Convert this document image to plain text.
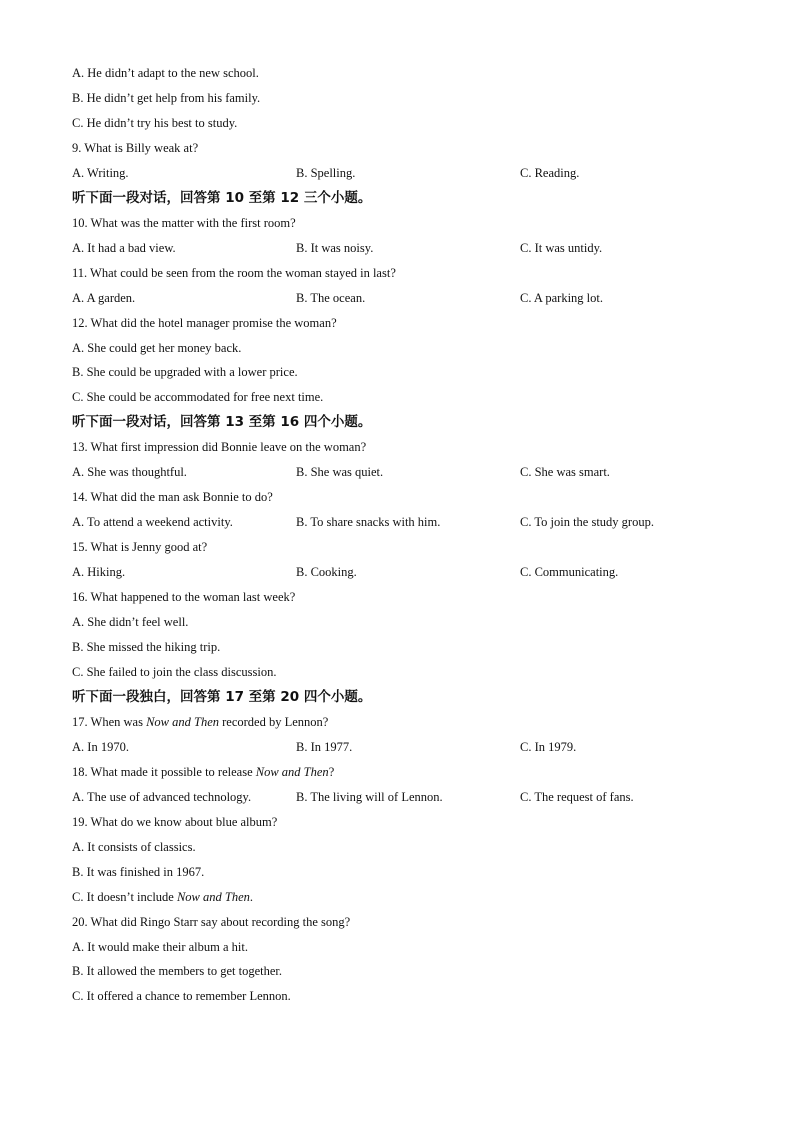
A. He didn’t adapt to the new school.
B. He didn’t get help from his family.
C. He didn’t try his best to study.
9. What is Billy weak at?
A. Writing.	B. Spelling.	C. Reading.
听下面一段对话，回答第 10 至第 12 三个小题。
10. What was the matter with the first room?
A. It had a bad view.	B. It was noisy.	C. It was untidy.
11. What could be seen from the room the woman stayed in last?
A. A garden.	B. The ocean.	C. A parking lot.
12. What did the hotel manager promise the woman?
A. She could get her money back.
B. She could be upgraded with a lower price.
C. She could be accommodated for free next time.
听下面一段对话，回答第 13 至第 16 四个小题。
13. What first impression did Bonnie leave on the woman?
A. She was thoughtful.	B. She was quiet.	C. She was smart.
14. What did the man ask Bonnie to do?
A. To attend a weekend activity.	B. To share snacks with him.	C. To join the study group.
15. What is Jenny good at?
A. Hiking.	B. Cooking.	C. Communicating.
16. What happened to the woman last week?
A. She didn’t feel well.
B. She missed the hiking trip.
C. She failed to join the class discussion.
听下面一段独白，回答第 17 至第 20 四个小题。
17. When was Now and Then recorded by Lennon?
A. In 1970.	B. In 1977.	C. In 1979.
18. What made it possible to release Now and Then?
A. The use of advanced technology.	B. The living will of Lennon.	C. The request of fans.
19. What do we know about blue album?
A. It consists of classics.
B. It was finished in 1967.
C. It doesn’t include Now and Then.
20. What did Ringo Starr say about recording the song?
A. It would make their album a hit.
B. It allowed the members to get together.
C. It offered a chance to remember Lennon.
